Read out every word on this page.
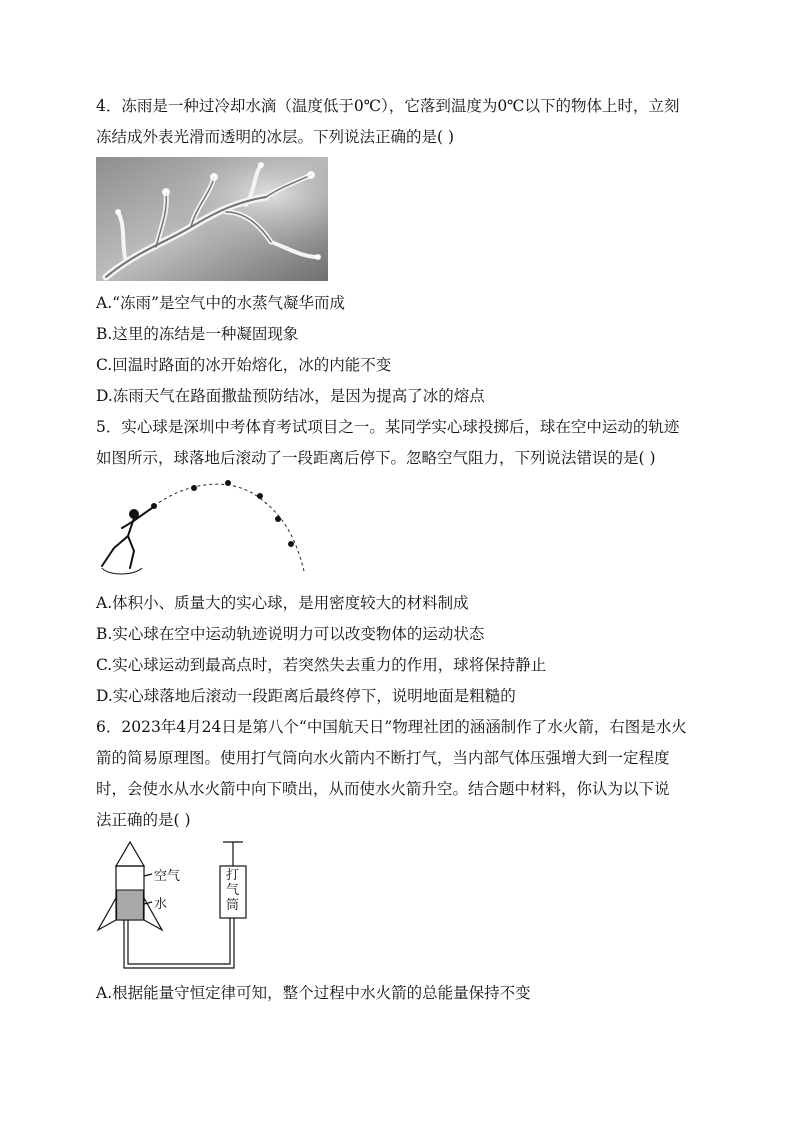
4．冻雨是一种过冷却水滴（温度低于0℃），它落到温度为0℃以下的物体上时，立刻
冻结成外表光滑而透明的冰层。下列说法正确的是( )
A.“冻雨”是空气中的水蒸气凝华而成
B.这里的冻结是一种凝固现象
C.回温时路面的冰开始熔化，冰的内能不变
D.冻雨天气在路面撒盐预防结冰，是因为提高了冰的熔点
5．实心球是深圳中考体育考试项目之一。某同学实心球投掷后，球在空中运动的轨迹
如图所示，球落地后滚动了一段距离后停下。忽略空气阻力，下列说法错误的是( )
A.体积小、质量大的实心球，是用密度较大的材料制成
B.实心球在空中运动轨迹说明力可以改变物体的运动状态
C.实心球运动到最高点时，若突然失去重力的作用，球将保持静止
D.实心球落地后滚动一段距离后最终停下，说明地面是粗糙的
6．2023年4月24日是第八个“中国航天日”物理社团的涵涵制作了水火箭，右图是水火
箭的简易原理图。使用打气筒向水火箭内不断打气，当内部气体压强增大到一定程度
时，会使水从水火箭中向下喷出，从而使水火箭升空。结合题中材料，你认为以下说
法正确的是( )
空气
水
打
气
筒
A.根据能量守恒定律可知，整个过程中水火箭的总能量保持不变
